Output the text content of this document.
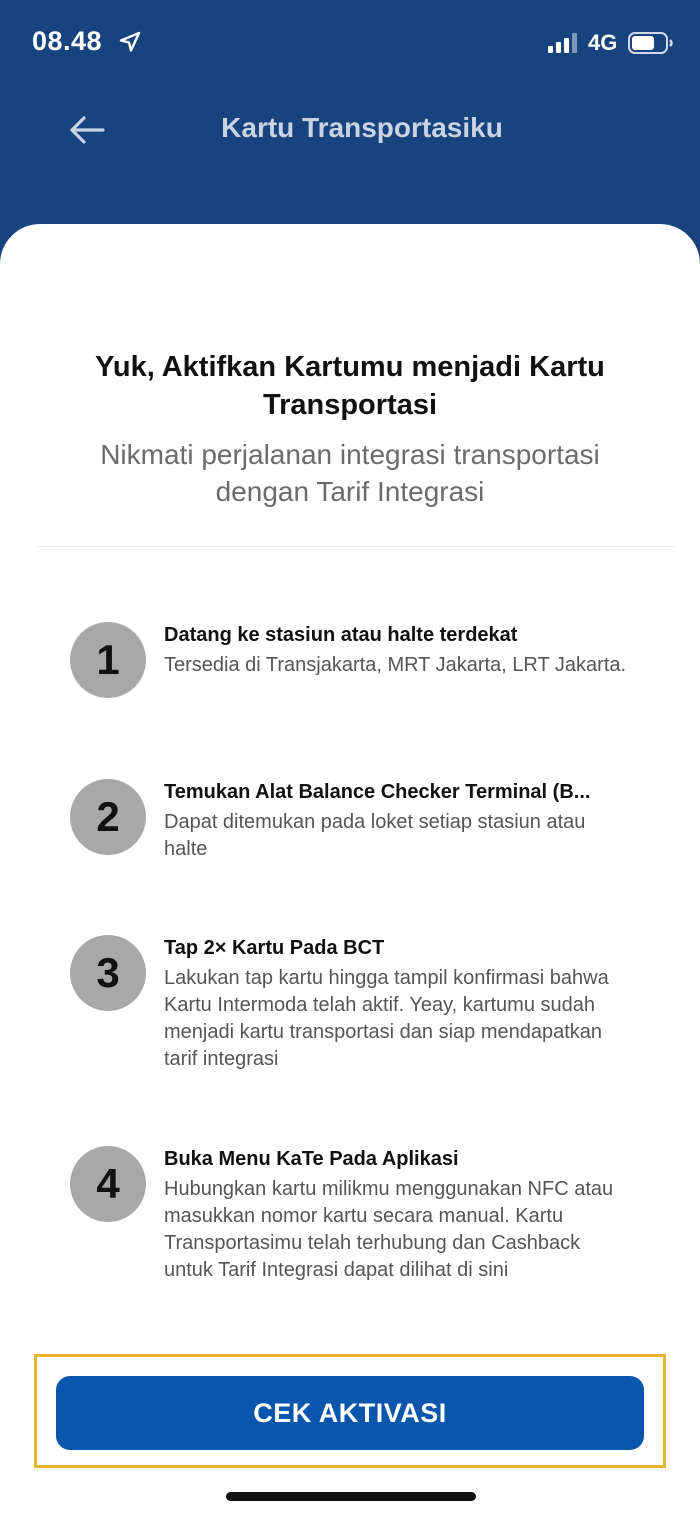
08.48	4G
Kartu Transportasiku
Yuk, Aktifkan Kartumu menjadi Kartu Transportasi
Nikmati perjalanan integrasi transportasi dengan Tarif Integrasi
1
Datang ke stasiun atau halte terdekat
Tersedia di Transjakarta, MRT Jakarta, LRT Jakarta.
2
Temukan Alat Balance Checker Terminal (B...
Dapat ditemukan pada loket setiap stasiun atau halte
3
Tap 2× Kartu Pada BCT
Lakukan tap kartu hingga tampil konfirmasi bahwa Kartu Intermoda telah aktif. Yeay, kartumu sudah menjadi kartu transportasi dan siap mendapatkan tarif integrasi
4
Buka Menu KaTe Pada Aplikasi
Hubungkan kartu milikmu menggunakan NFC atau masukkan nomor kartu secara manual. Kartu Transportasimu telah terhubung dan Cashback untuk Tarif Integrasi dapat dilihat di sini
CEK AKTIVASI
